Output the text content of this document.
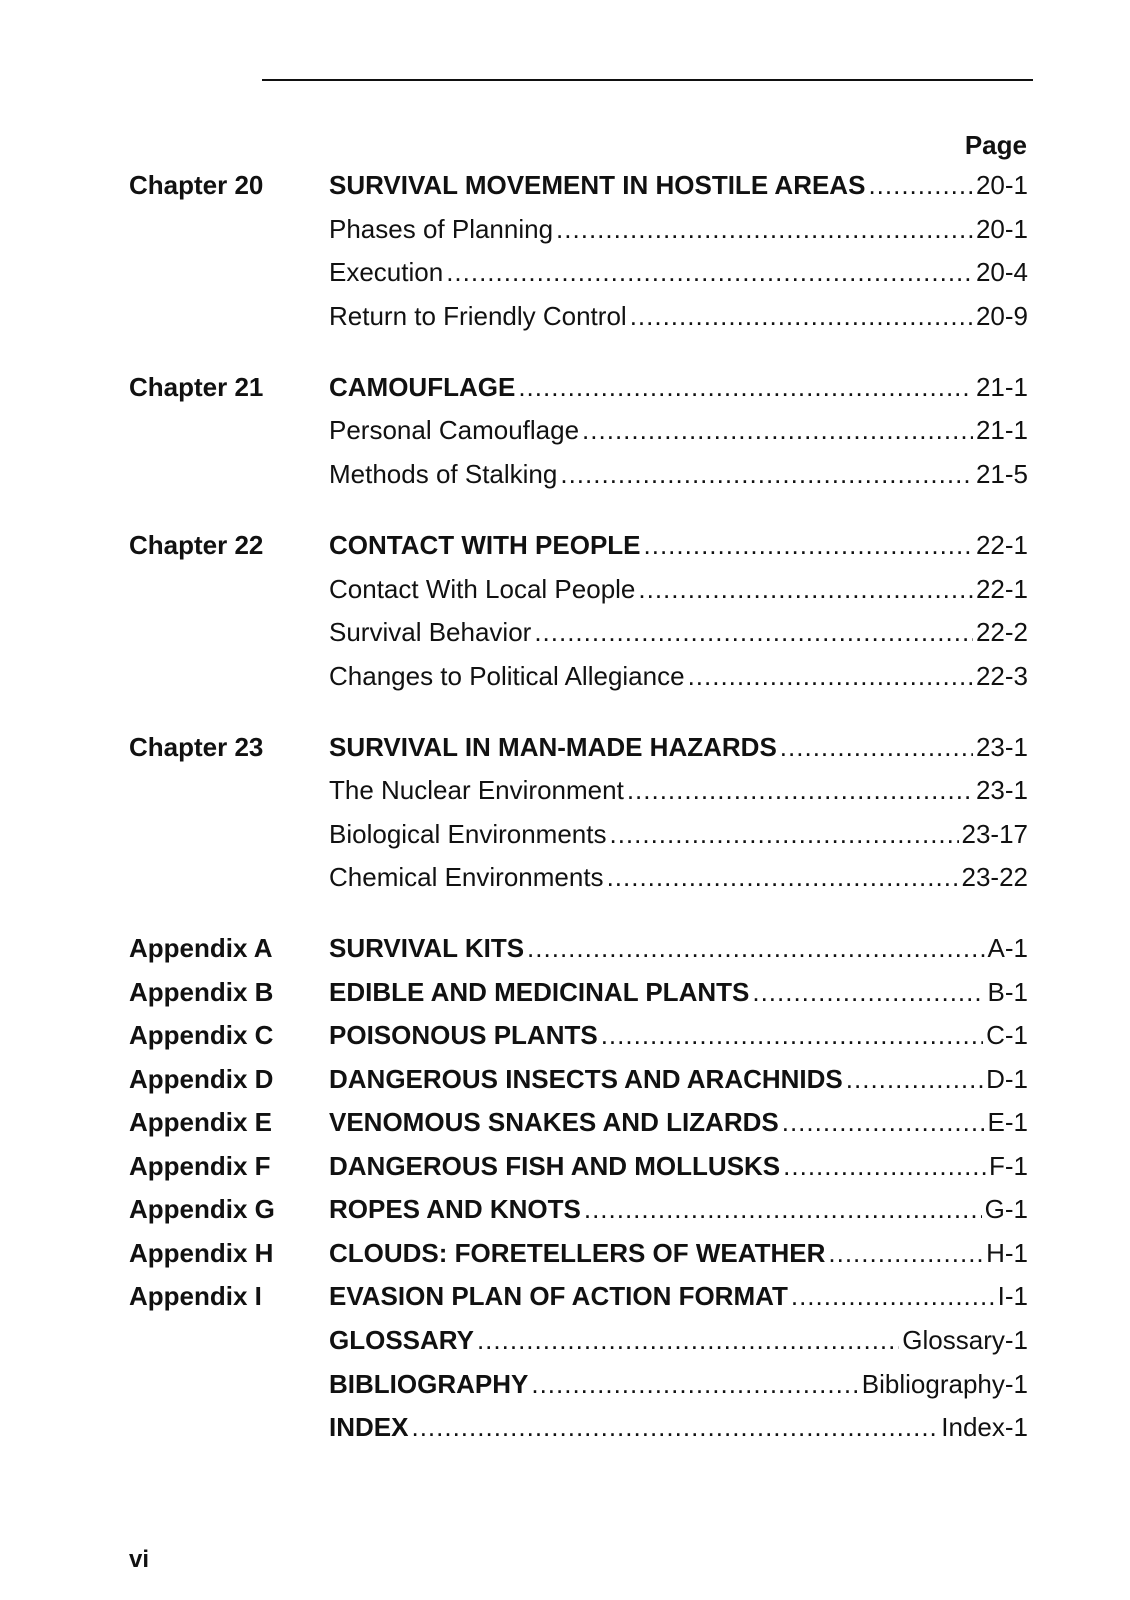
Page
Chapter 20	SURVIVAL MOVEMENT IN HOSTILE AREAS .....	20-1
Phases of Planning .....	20-1
Execution .....	20-4
Return to Friendly Control .....	20-9
Chapter 21	CAMOUFLAGE .....	21-1
Personal Camouflage .....	21-1
Methods of Stalking .....	21-5
Chapter 22	CONTACT WITH PEOPLE .....	22-1
Contact With Local People .....	22-1
Survival Behavior .....	22-2
Changes to Political Allegiance .....	22-3
Chapter 23	SURVIVAL IN MAN-MADE HAZARDS .....	23-1
The Nuclear Environment .....	23-1
Biological Environments .....	23-17
Chemical Environments .....	23-22
Appendix A SURVIVAL KITS .....	A-1
Appendix B EDIBLE AND MEDICINAL PLANTS .....	B-1
Appendix C POISONOUS PLANTS .....	C-1
Appendix D DANGEROUS INSECTS AND ARACHNIDS .....	D-1
Appendix E VENOMOUS SNAKES AND LIZARDS .....	E-1
Appendix F DANGEROUS FISH AND MOLLUSKS .....	F-1
Appendix G ROPES AND KNOTS .....	G-1
Appendix H CLOUDS: FORETELLERS OF WEATHER .....	H-1
Appendix I	EVASION PLAN OF ACTION FORMAT .....	I-1
GLOSSARY .....	Glossary-1
BIBLIOGRAPHY .....	Bibliography-1
INDEX .....	Index-1
vi
